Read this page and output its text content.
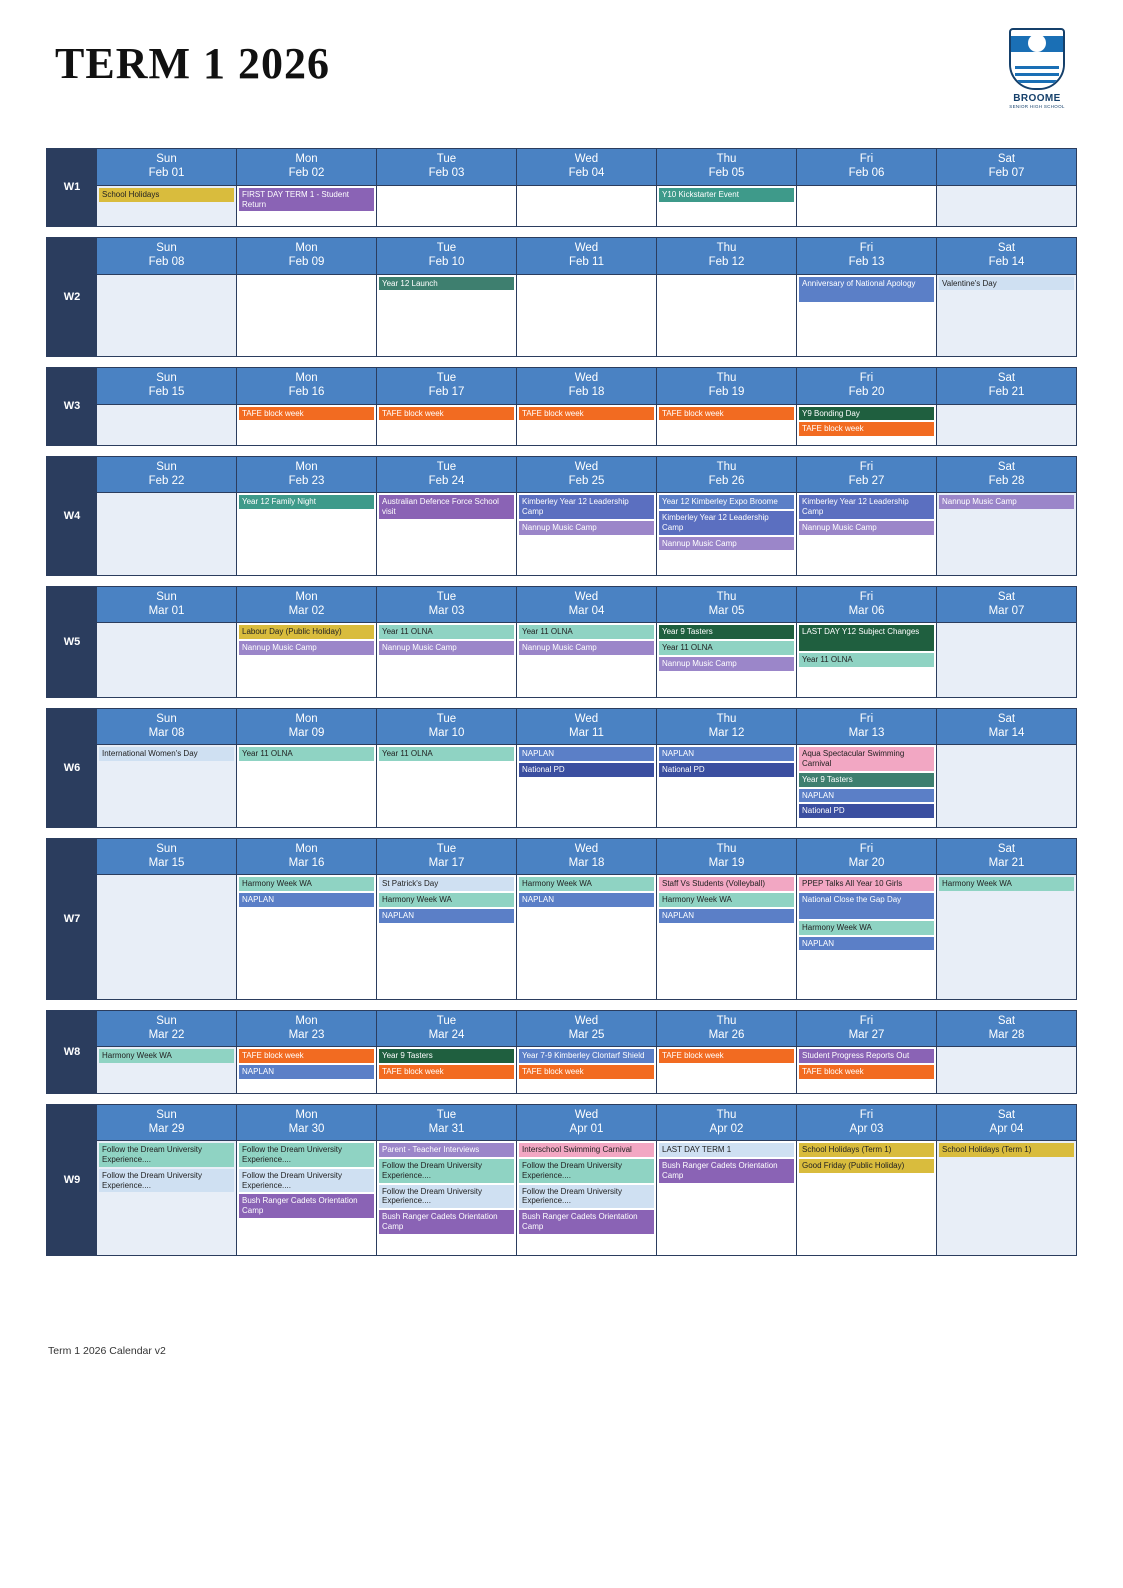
TERM 1 2026
BROOME
SENIOR HIGH SCHOOL
W1
Sun
Feb 01
School Holidays
Mon
Feb 02
FIRST DAY TERM 1 - Student Return
Tue
Feb 03
Wed
Feb 04
Thu
Feb 05
Y10 Kickstarter Event
Fri
Feb 06
Sat
Feb 07
W2
Sun
Feb 08
Mon
Feb 09
Tue
Feb 10
Year 12 Launch
Wed
Feb 11
Thu
Feb 12
Fri
Feb 13
Anniversary of National Apology
Sat
Feb 14
Valentine's Day
W3
Sun
Feb 15
Mon
Feb 16
TAFE block week
Tue
Feb 17
TAFE block week
Wed
Feb 18
TAFE block week
Thu
Feb 19
TAFE block week
Fri
Feb 20
Y9 Bonding Day
TAFE block week
Sat
Feb 21
W4
Sun
Feb 22
Mon
Feb 23
Year 12 Family Night
Tue
Feb 24
Australian Defence Force School visit
Wed
Feb 25
Kimberley Year 12 Leadership Camp
Nannup Music Camp
Thu
Feb 26
Year 12 Kimberley Expo Broome
Kimberley Year 12 Leadership Camp
Nannup Music Camp
Fri
Feb 27
Kimberley Year 12 Leadership Camp
Nannup Music Camp
Sat
Feb 28
Nannup Music Camp
W5
Sun
Mar 01
Mon
Mar 02
Labour Day (Public Holiday)
Nannup Music Camp
Tue
Mar 03
Year 11 OLNA
Nannup Music Camp
Wed
Mar 04
Year 11 OLNA
Nannup Music Camp
Thu
Mar 05
Year 9 Tasters
Year 11 OLNA
Nannup Music Camp
Fri
Mar 06
LAST DAY Y12 Subject Changes
Year 11 OLNA
Sat
Mar 07
W6
Sun
Mar 08
International Women's Day
Mon
Mar 09
Year 11 OLNA
Tue
Mar 10
Year 11 OLNA
Wed
Mar 11
NAPLAN
National PD
Thu
Mar 12
NAPLAN
National PD
Fri
Mar 13
Aqua Spectacular Swimming Carnival
Year 9 Tasters
NAPLAN
National PD
Sat
Mar 14
W7
Sun
Mar 15
Mon
Mar 16
Harmony Week WA
NAPLAN
Tue
Mar 17
St Patrick's Day
Harmony Week WA
NAPLAN
Wed
Mar 18
Harmony Week WA
NAPLAN
Thu
Mar 19
Staff Vs Students (Volleyball)
Harmony Week WA
NAPLAN
Fri
Mar 20
PPEP Talks All Year 10 Girls
National Close the Gap Day
Harmony Week WA
NAPLAN
Sat
Mar 21
Harmony Week WA
W8
Sun
Mar 22
Harmony Week WA
Mon
Mar 23
TAFE block week
NAPLAN
Tue
Mar 24
Year 9 Tasters
TAFE block week
Wed
Mar 25
Year 7-9 Kimberley Clontarf Shield
TAFE block week
Thu
Mar 26
TAFE block week
Fri
Mar 27
Student Progress Reports Out
TAFE block week
Sat
Mar 28
W9
Sun
Mar 29
Follow the Dream University Experience....
Follow the Dream University Experience....
Mon
Mar 30
Follow the Dream University Experience....
Follow the Dream University Experience....
Bush Ranger Cadets Orientation Camp
Tue
Mar 31
Parent - Teacher Interviews
Follow the Dream University Experience....
Follow the Dream University Experience....
Bush Ranger Cadets Orientation Camp
Wed
Apr 01
Interschool Swimming Carnival
Follow the Dream University Experience....
Follow the Dream University Experience....
Bush Ranger Cadets Orientation Camp
Thu
Apr 02
LAST DAY TERM 1
Bush Ranger Cadets Orientation Camp
Fri
Apr 03
School Holidays (Term 1)
Good Friday (Public Holiday)
Sat
Apr 04
School Holidays (Term 1)
Term 1 2026 Calendar v2
